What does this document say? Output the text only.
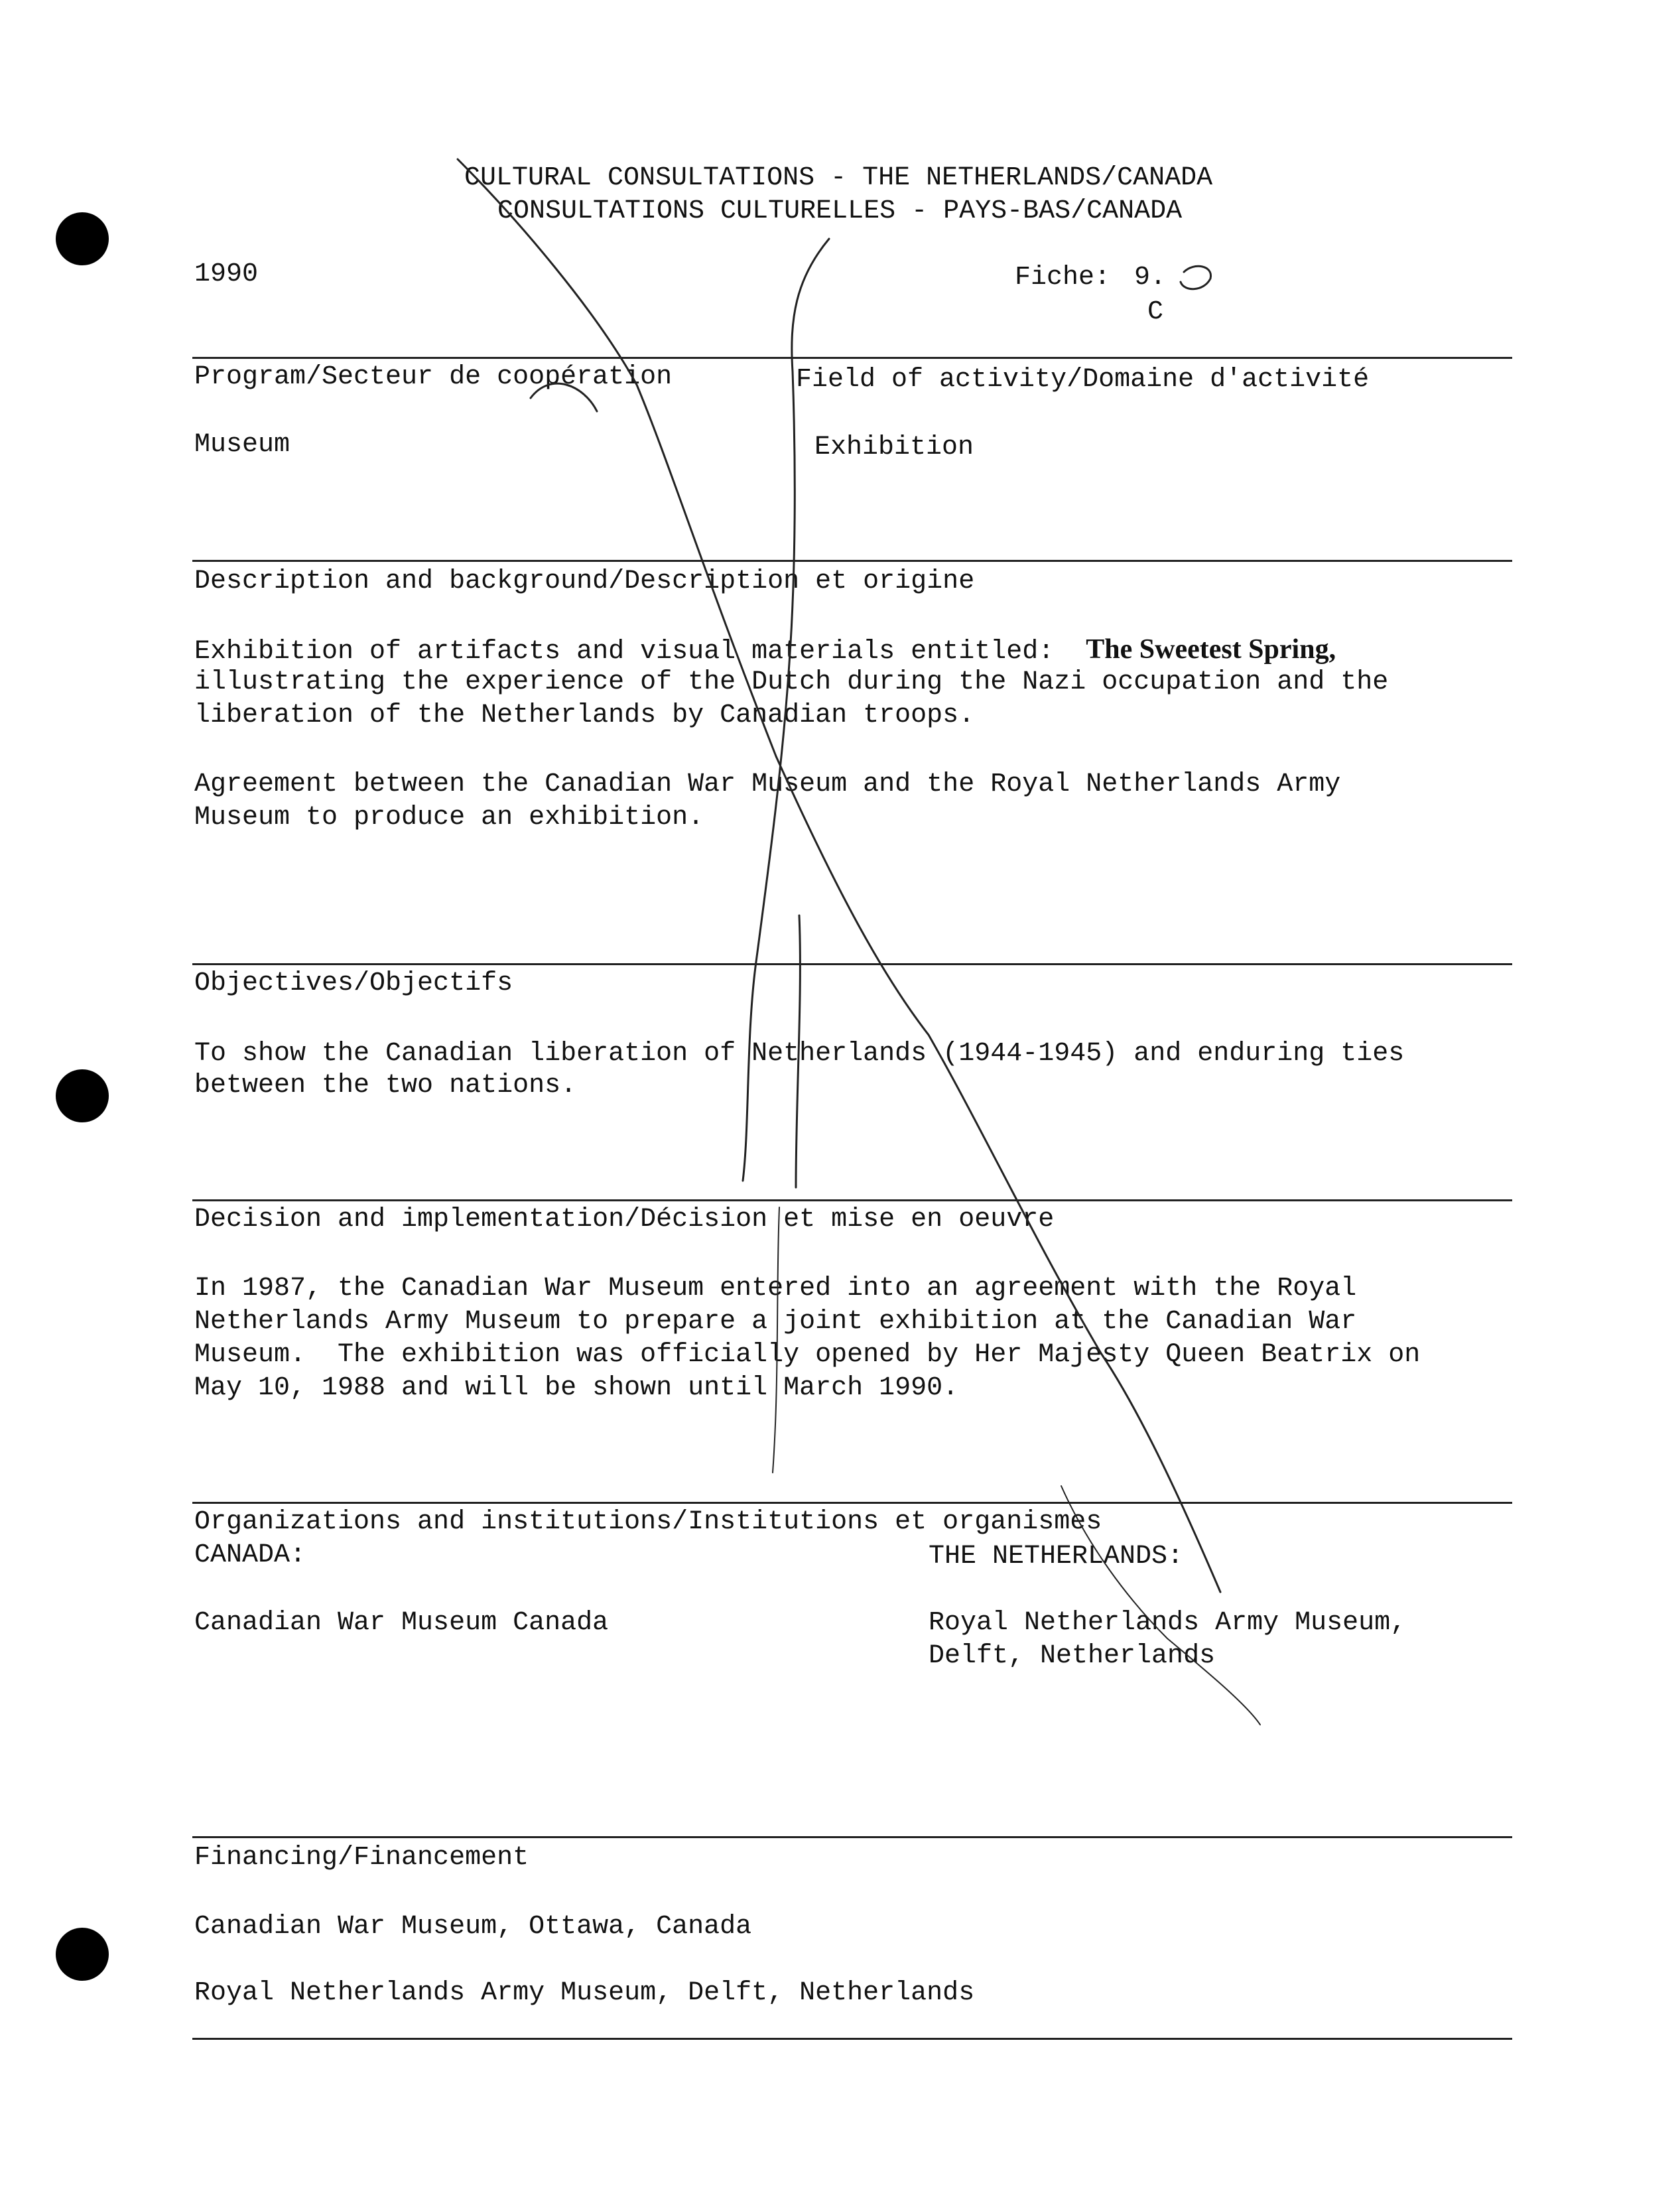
CULTURAL CONSULTATIONS - THE NETHERLANDS/CANADA
CONSULTATIONS CULTURELLES - PAYS-BAS/CANADA
1990	Fiche: 9.
C
Program/Secteur de coopération	Field of activity/Domaine d'activité
Museum	Exhibition
Description and background/Description et origine
Exhibition of artifacts and visual materials entitled: The Sweetest Spring,
illustrating the experience of the Dutch during the Nazi occupation and the
liberation of the Netherlands by Canadian troops.
Agreement between the Canadian War Museum and the Royal Netherlands Army
Museum to produce an exhibition.
Objectives/Objectifs
To show the Canadian liberation of Netherlands (1944-1945) and enduring ties
between the two nations.
Decision and implementation/Décision et mise en oeuvre
In 1987, the Canadian War Museum entered into an agreement with the Royal
Netherlands Army Museum to prepare a joint exhibition at the Canadian War
Museum.  The exhibition was officially opened by Her Majesty Queen Beatrix on
May 10, 1988 and will be shown until March 1990.
Organizations and institutions/Institutions et organismes
CANADA:	THE NETHERLANDS:
Canadian War Museum Canada	Royal Netherlands Army Museum,
Delft, Netherlands
Financing/Financement
Canadian War Museum, Ottawa, Canada
Royal Netherlands Army Museum, Delft, Netherlands
